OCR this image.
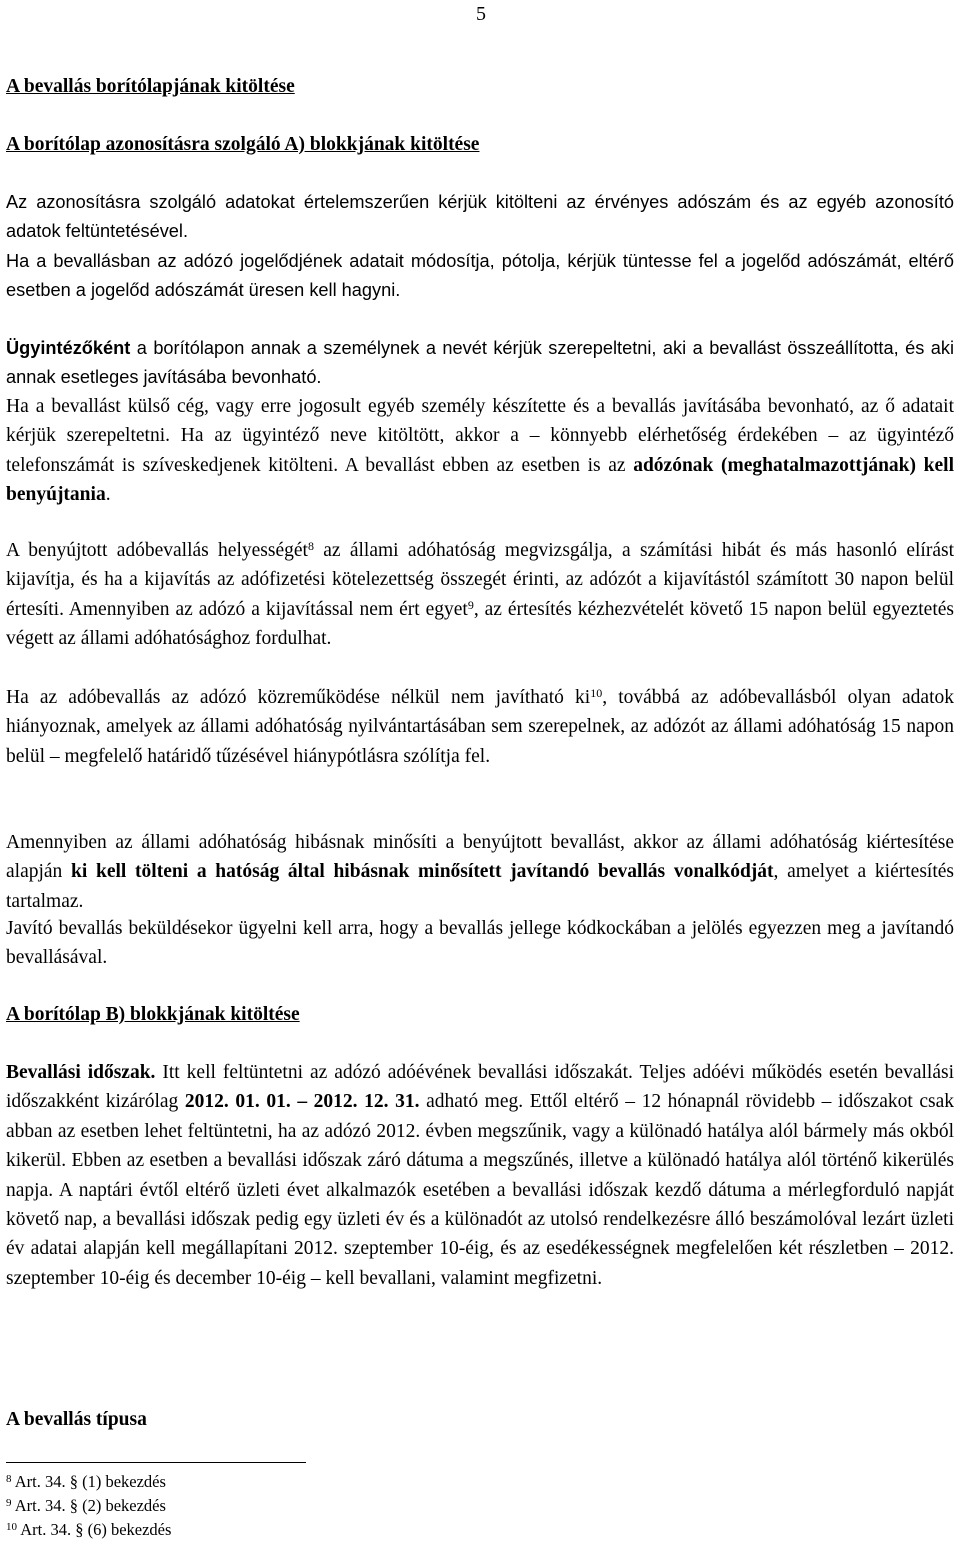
5
A bevallás borítólapjának kitöltése
A borítólap azonosításra szolgáló A) blokkjának kitöltése
Az azonosításra szolgáló adatokat értelemszerűen kérjük kitölteni az érvényes adószám és az egyéb azonosító adatok feltüntetésével.
Ha a bevallásban az adózó jogelődjének adatait módosítja, pótolja, kérjük tüntesse fel a jogelőd adószámát, eltérő esetben a jogelőd adószámát üresen kell hagyni.
Ügyintézőként a borítólapon annak a személynek a nevét kérjük szerepeltetni, aki a bevallást összeállította, és aki annak esetleges javításába bevonható.
Ha a bevallást külső cég, vagy erre jogosult egyéb személy készítette és a bevallás javításába bevonható, az ő adatait kérjük szerepeltetni. Ha az ügyintéző neve kitöltött, akkor a – könnyebb elérhetőség érdekében – az ügyintéző telefonszámát is szíveskedjenek kitölteni. A bevallást ebben az esetben is az adózónak (meghatalmazottjának) kell benyújtania.
A benyújtott adóbevallás helyességét$^8$ az állami adóhatóság megvizsgálja, a számítási hibát és más hasonló elírást kijavítja, és ha a kijavítás az adófizetési kötelezettség összegét érinti, az adózót a kijavítástól számított 30 napon belül értesíti. Amennyiben az adózó a kijavítással nem ért egyet$^9$, az értesítés kézhezvételét követő 15 napon belül egyeztetés végett az állami adóhatósághoz fordulhat.
Ha az adóbevallás az adózó közreműködése nélkül nem javítható $ki^{10}$, továbbá az adóbevallásból olyan adatok hiányoznak, amelyek az állami adóhatóság nyilvántartásában sem szerepelnek, az adózót az állami adóhatóság 15 napon belül – megfelelő határidő tűzésével hiánypótlásra szólítja fel.
Amennyiben az állami adóhatóság hibásnak minősíti a benyújtott bevallást, akkor az állami adóhatóság kiértesítése alapján ki kell tölteni a hatóság által hibásnak minősített javítandó bevallás vonalkódját, amelyet a kiértesítés tartalmaz.
Javító bevallás beküldésekor ügyelni kell arra, hogy a bevallás jellege kódkockában a jelölés egyezzen meg a javítandó bevallásával.
A borítólap B) blokkjának kitöltése
Bevallási időszak. Itt kell feltüntetni az adózó adóévének bevallási időszakát. Teljes adóévi működés esetén bevallási időszakként kizárólag 2012. 01. 01. – 2012. 12. 31. adható meg. Ettől eltérő – 12 hónapnál rövidebb – időszakot csak abban az esetben lehet feltüntetni, ha az adózó 2012. évben megszűnik, vagy a különadó hatálya alól bármely más okból kikerül. Ebben az esetben a bevallási időszak záró dátuma a megszűnés, illetve a különadó hatálya alól történő kikerülés napja. A naptári évtől eltérő üzleti évet alkalmazók esetében a bevallási időszak kezdő dátuma a mérlegforduló napját követő nap, a bevallási időszak pedig egy üzleti év és a különadót az utolsó rendelkezésre álló beszámolóval lezárt üzleti év adatai alapján kell megállapítani 2012. szeptember 10-éig, és az esedékességnek megfelelően két részletben – 2012. szeptember 10-éig és december 10-éig – kell bevallani, valamint megfizetni.
A bevallás típusa
$^8$ Art. 34. § (1) bekezdés
$^9$ Art. 34. § (2) bekezdés
$^{10}$ Art. 34. § (6) bekezdés
